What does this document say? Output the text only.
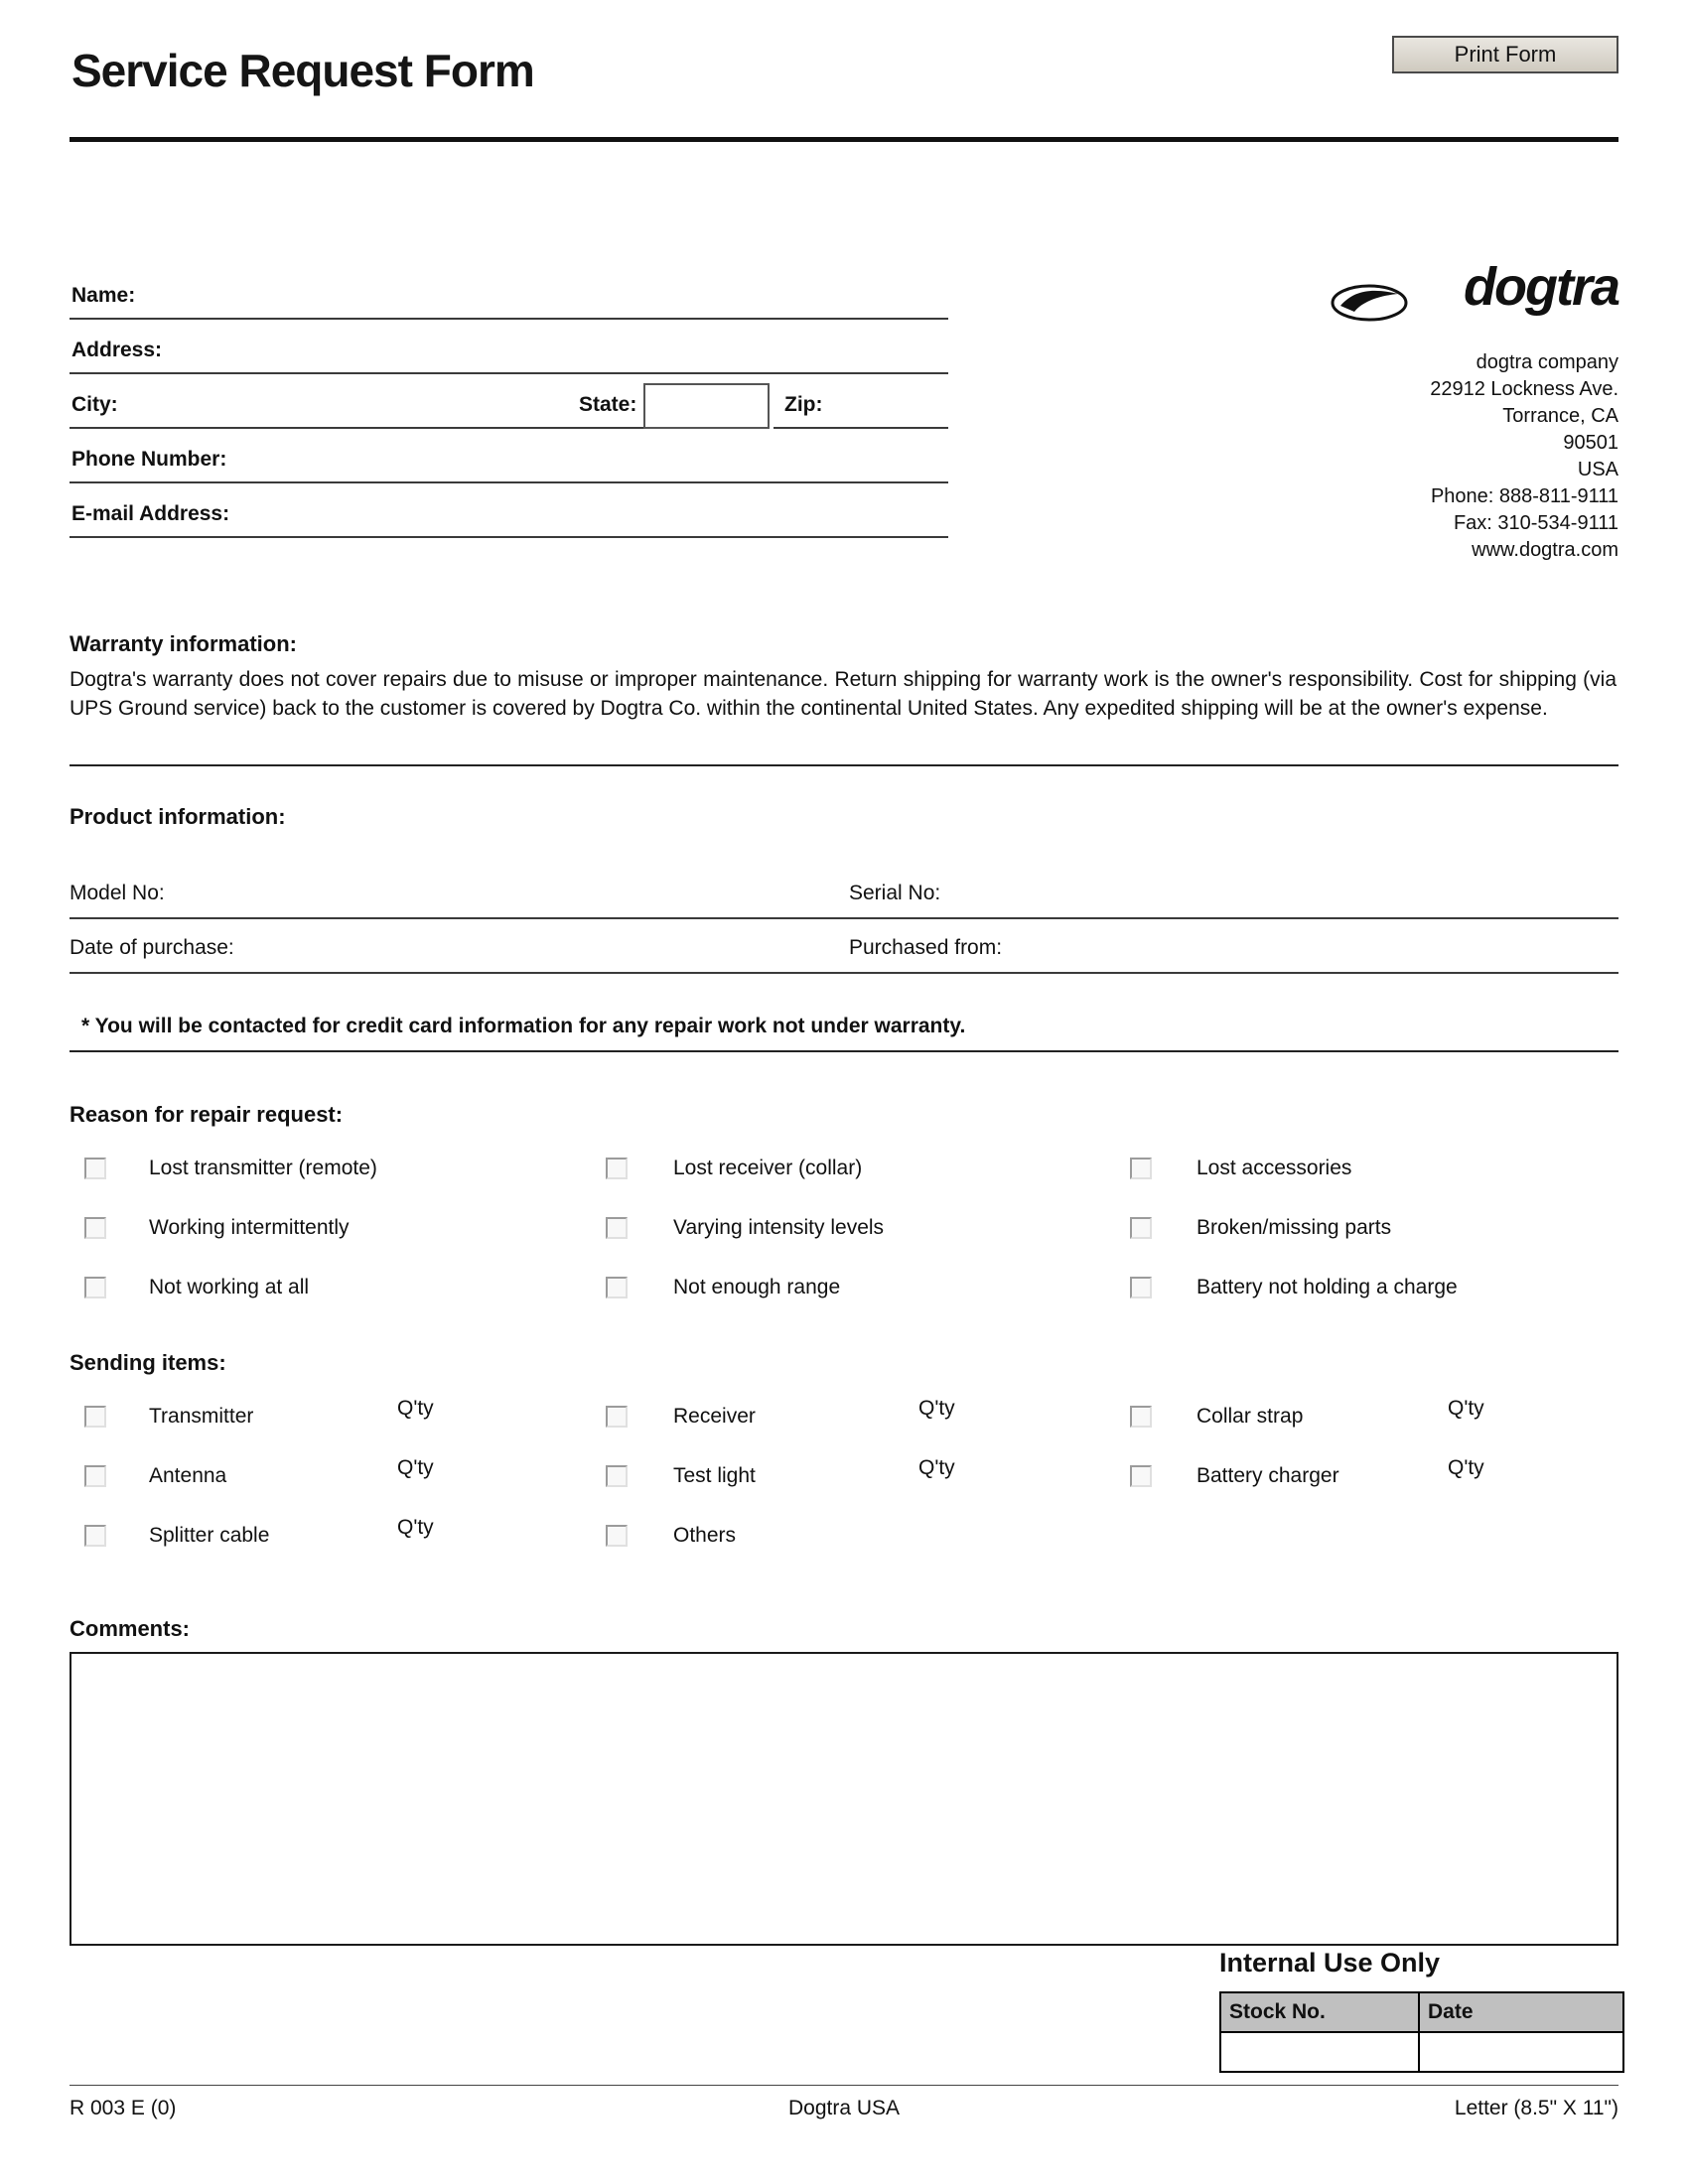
Service Request Form	Print Form
Name:
Address:
City:	State:	Zip:
Phone Number:
E-mail Address:
dogtra
dogtra company
22912 Lockness Ave.
Torrance, CA
90501
USA
Phone: 888-811-9111
Fax: 310-534-9111
www.dogtra.com
Warranty information:
Dogtra's warranty does not cover repairs due to misuse or improper maintenance. Return shipping for warranty work is the owner's responsibility. Cost for shipping (via UPS Ground service) back to the customer is covered by Dogtra Co. within the continental United States. Any expedited shipping will be at the owner's expense.
Product information:
Model No:	Serial No:
Date of purchase:	Purchased from:
* You will be contacted for credit card information for any repair work not under warranty.
Reason for repair request:
Lost transmitter (remote)	Lost receiver (collar)	Lost accessories
Working intermittently	Varying intensity levels	Broken/missing parts
Not working at all	Not enough range	Battery not holding a charge
Sending items:
Transmitter	Q'ty	Receiver	Q'ty	Collar strap	Q'ty
Antenna	Q'ty	Test light	Q'ty	Battery charger	Q'ty
Splitter cable	Q'ty	Others
Comments:
Internal Use Only
Stock No.	Date

R 003 E (0)	Dogtra USA	Letter (8.5" X 11")
